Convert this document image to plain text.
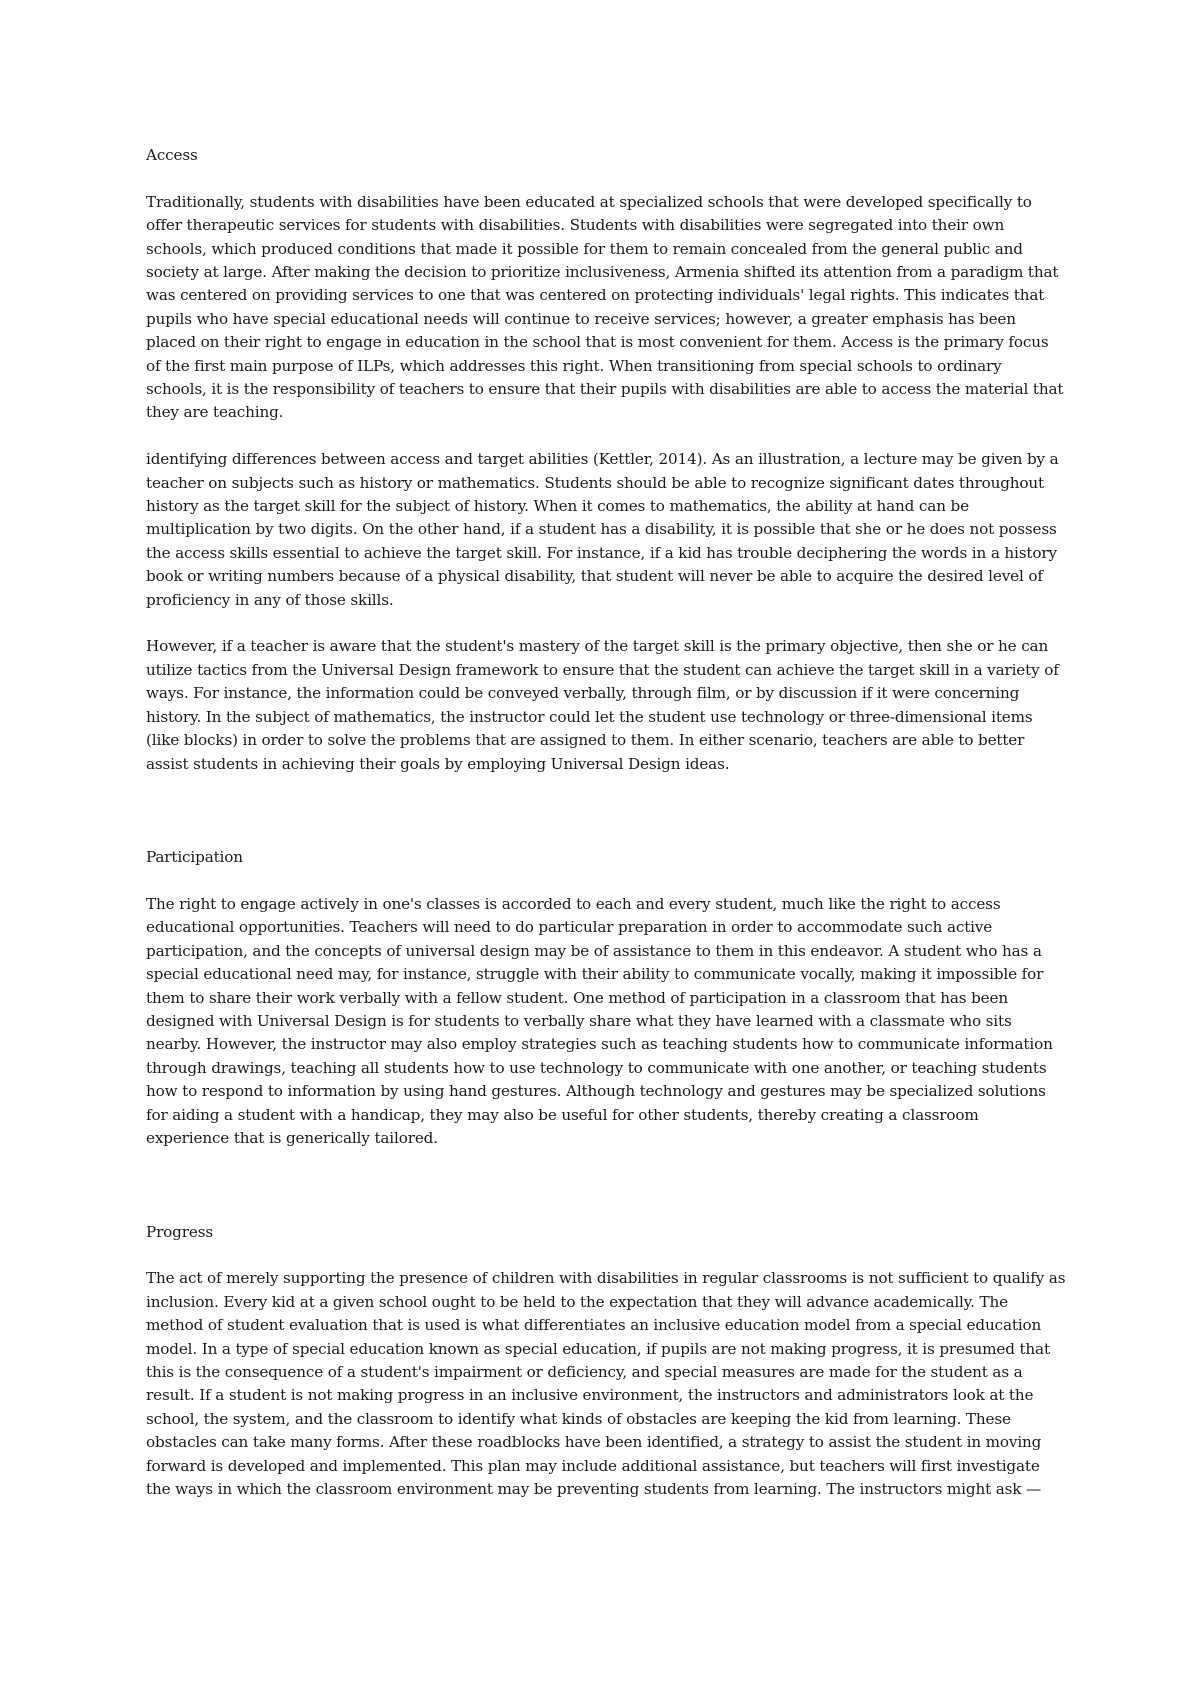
Access

Traditionally, students with disabilities have been educated at specialized schools that were developed specifically to offer therapeutic services for students with disabilities. Students with disabilities were segregated into their own schools, which produced conditions that made it possible for them to remain concealed from the general public and society at large. After making the decision to prioritize inclusiveness, Armenia shifted its attention from a paradigm that was centered on providing services to one that was centered on protecting individuals' legal rights. This indicates that pupils who have special educational needs will continue to receive services; however, a greater emphasis has been placed on their right to engage in education in the school that is most convenient for them. Access is the primary focus of the first main purpose of ILPs, which addresses this right. When transitioning from special schools to ordinary schools, it is the responsibility of teachers to ensure that their pupils with disabilities are able to access the material that they are teaching.

identifying differences between access and target abilities (Kettler, 2014). As an illustration, a lecture may be given by a teacher on subjects such as history or mathematics. Students should be able to recognize significant dates throughout history as the target skill for the subject of history. When it comes to mathematics, the ability at hand can be multiplication by two digits. On the other hand, if a student has a disability, it is possible that she or he does not possess the access skills essential to achieve the target skill. For instance, if a kid has trouble deciphering the words in a history book or writing numbers because of a physical disability, that student will never be able to acquire the desired level of proficiency in any of those skills.

However, if a teacher is aware that the student's mastery of the target skill is the primary objective, then she or he can utilize tactics from the Universal Design framework to ensure that the student can achieve the target skill in a variety of ways. For instance, the information could be conveyed verbally, through film, or by discussion if it were concerning history. In the subject of mathematics, the instructor could let the student use technology or three-dimensional items (like blocks) in order to solve the problems that are assigned to them. In either scenario, teachers are able to better assist students in achieving their goals by employing Universal Design ideas.

Participation

The right to engage actively in one's classes is accorded to each and every student, much like the right to access educational opportunities. Teachers will need to do particular preparation in order to accommodate such active participation, and the concepts of universal design may be of assistance to them in this endeavor. A student who has a special educational need may, for instance, struggle with their ability to communicate vocally, making it impossible for them to share their work verbally with a fellow student. One method of participation in a classroom that has been designed with Universal Design is for students to verbally share what they have learned with a classmate who sits nearby. However, the instructor may also employ strategies such as teaching students how to communicate information through drawings, teaching all students how to use technology to communicate with one another, or teaching students how to respond to information by using hand gestures. Although technology and gestures may be specialized solutions for aiding a student with a handicap, they may also be useful for other students, thereby creating a classroom experience that is generically tailored.

Progress

The act of merely supporting the presence of children with disabilities in regular classrooms is not sufficient to qualify as inclusion. Every kid at a given school ought to be held to the expectation that they will advance academically. The method of student evaluation that is used is what differentiates an inclusive education model from a special education model. In a type of special education known as special education, if pupils are not making progress, it is presumed that this is the consequence of a student's impairment or deficiency, and special measures are made for the student as a result. If a student is not making progress in an inclusive environment, the instructors and administrators look at the school, the system, and the classroom to identify what kinds of obstacles are keeping the kid from learning. These obstacles can take many forms. After these roadblocks have been identified, a strategy to assist the student in moving forward is developed and implemented. This plan may include additional assistance, but teachers will first investigate the ways in which the classroom environment may be preventing students from learning. The instructors might ask —
